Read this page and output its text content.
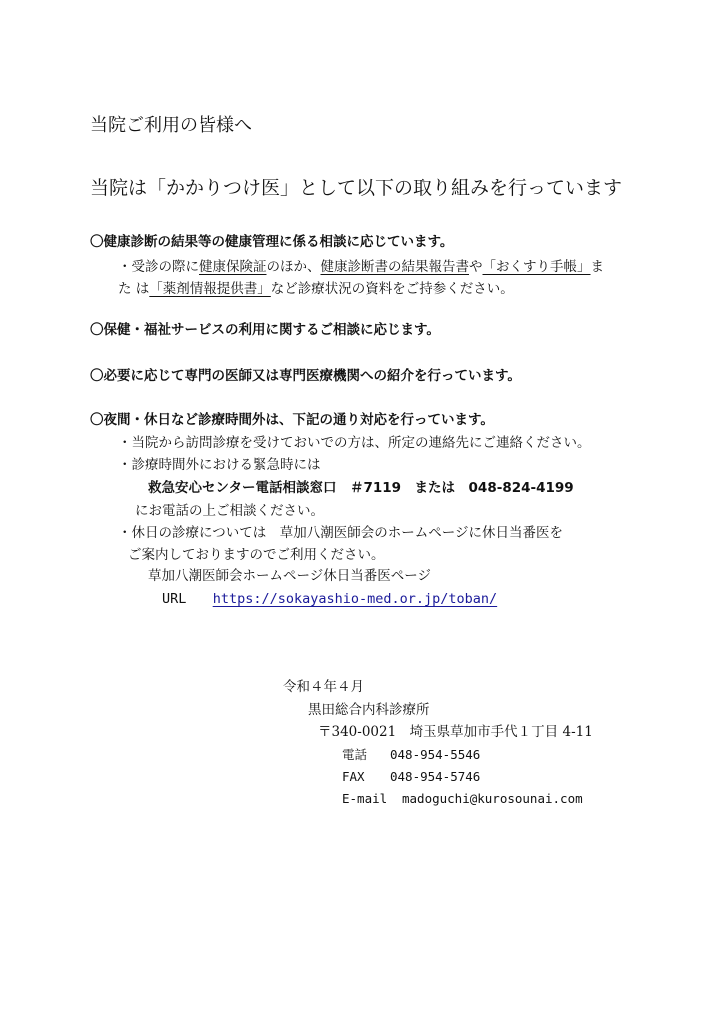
当院ご利用の皆様へ
当院は「かかりつけ医」として以下の取り組みを行っています
〇健康診断の結果等の健康管理に係る相談に応じています。
・受診の際に健康保険証のほか、健康診断書の結果報告書や「おくすり手帳」ま
た は「薬剤情報提供書」など診療状況の資料をご持参ください。
〇保健・福祉サービスの利用に関するご相談に応じます。
〇必要に応じて専門の医師又は専門医療機関への紹介を行っています。
〇夜間・休日など診療時間外は、下記の通り対応を行っています。
・当院から訪問診療を受けておいでの方は、所定の連絡先にご連絡ください。
・診療時間外における緊急時には
救急安心センター電話相談窓口　＃7119　または　048-824-4199
にお電話の上ご相談ください。
・休日の診療については　草加八潮医師会のホームページに休日当番医を
ご案内しておりますのでご利用ください。
草加八潮医師会ホームページ休日当番医ページ
URL https://sokayashio-med.or.jp/toban/
令和４年４月
黒田総合内科診療所
〒340-0021　埼玉県草加市手代１丁目 4-11
電話 048-954-5546
FAX 048-954-5746
E-mail madoguchi@kurosounai.com
